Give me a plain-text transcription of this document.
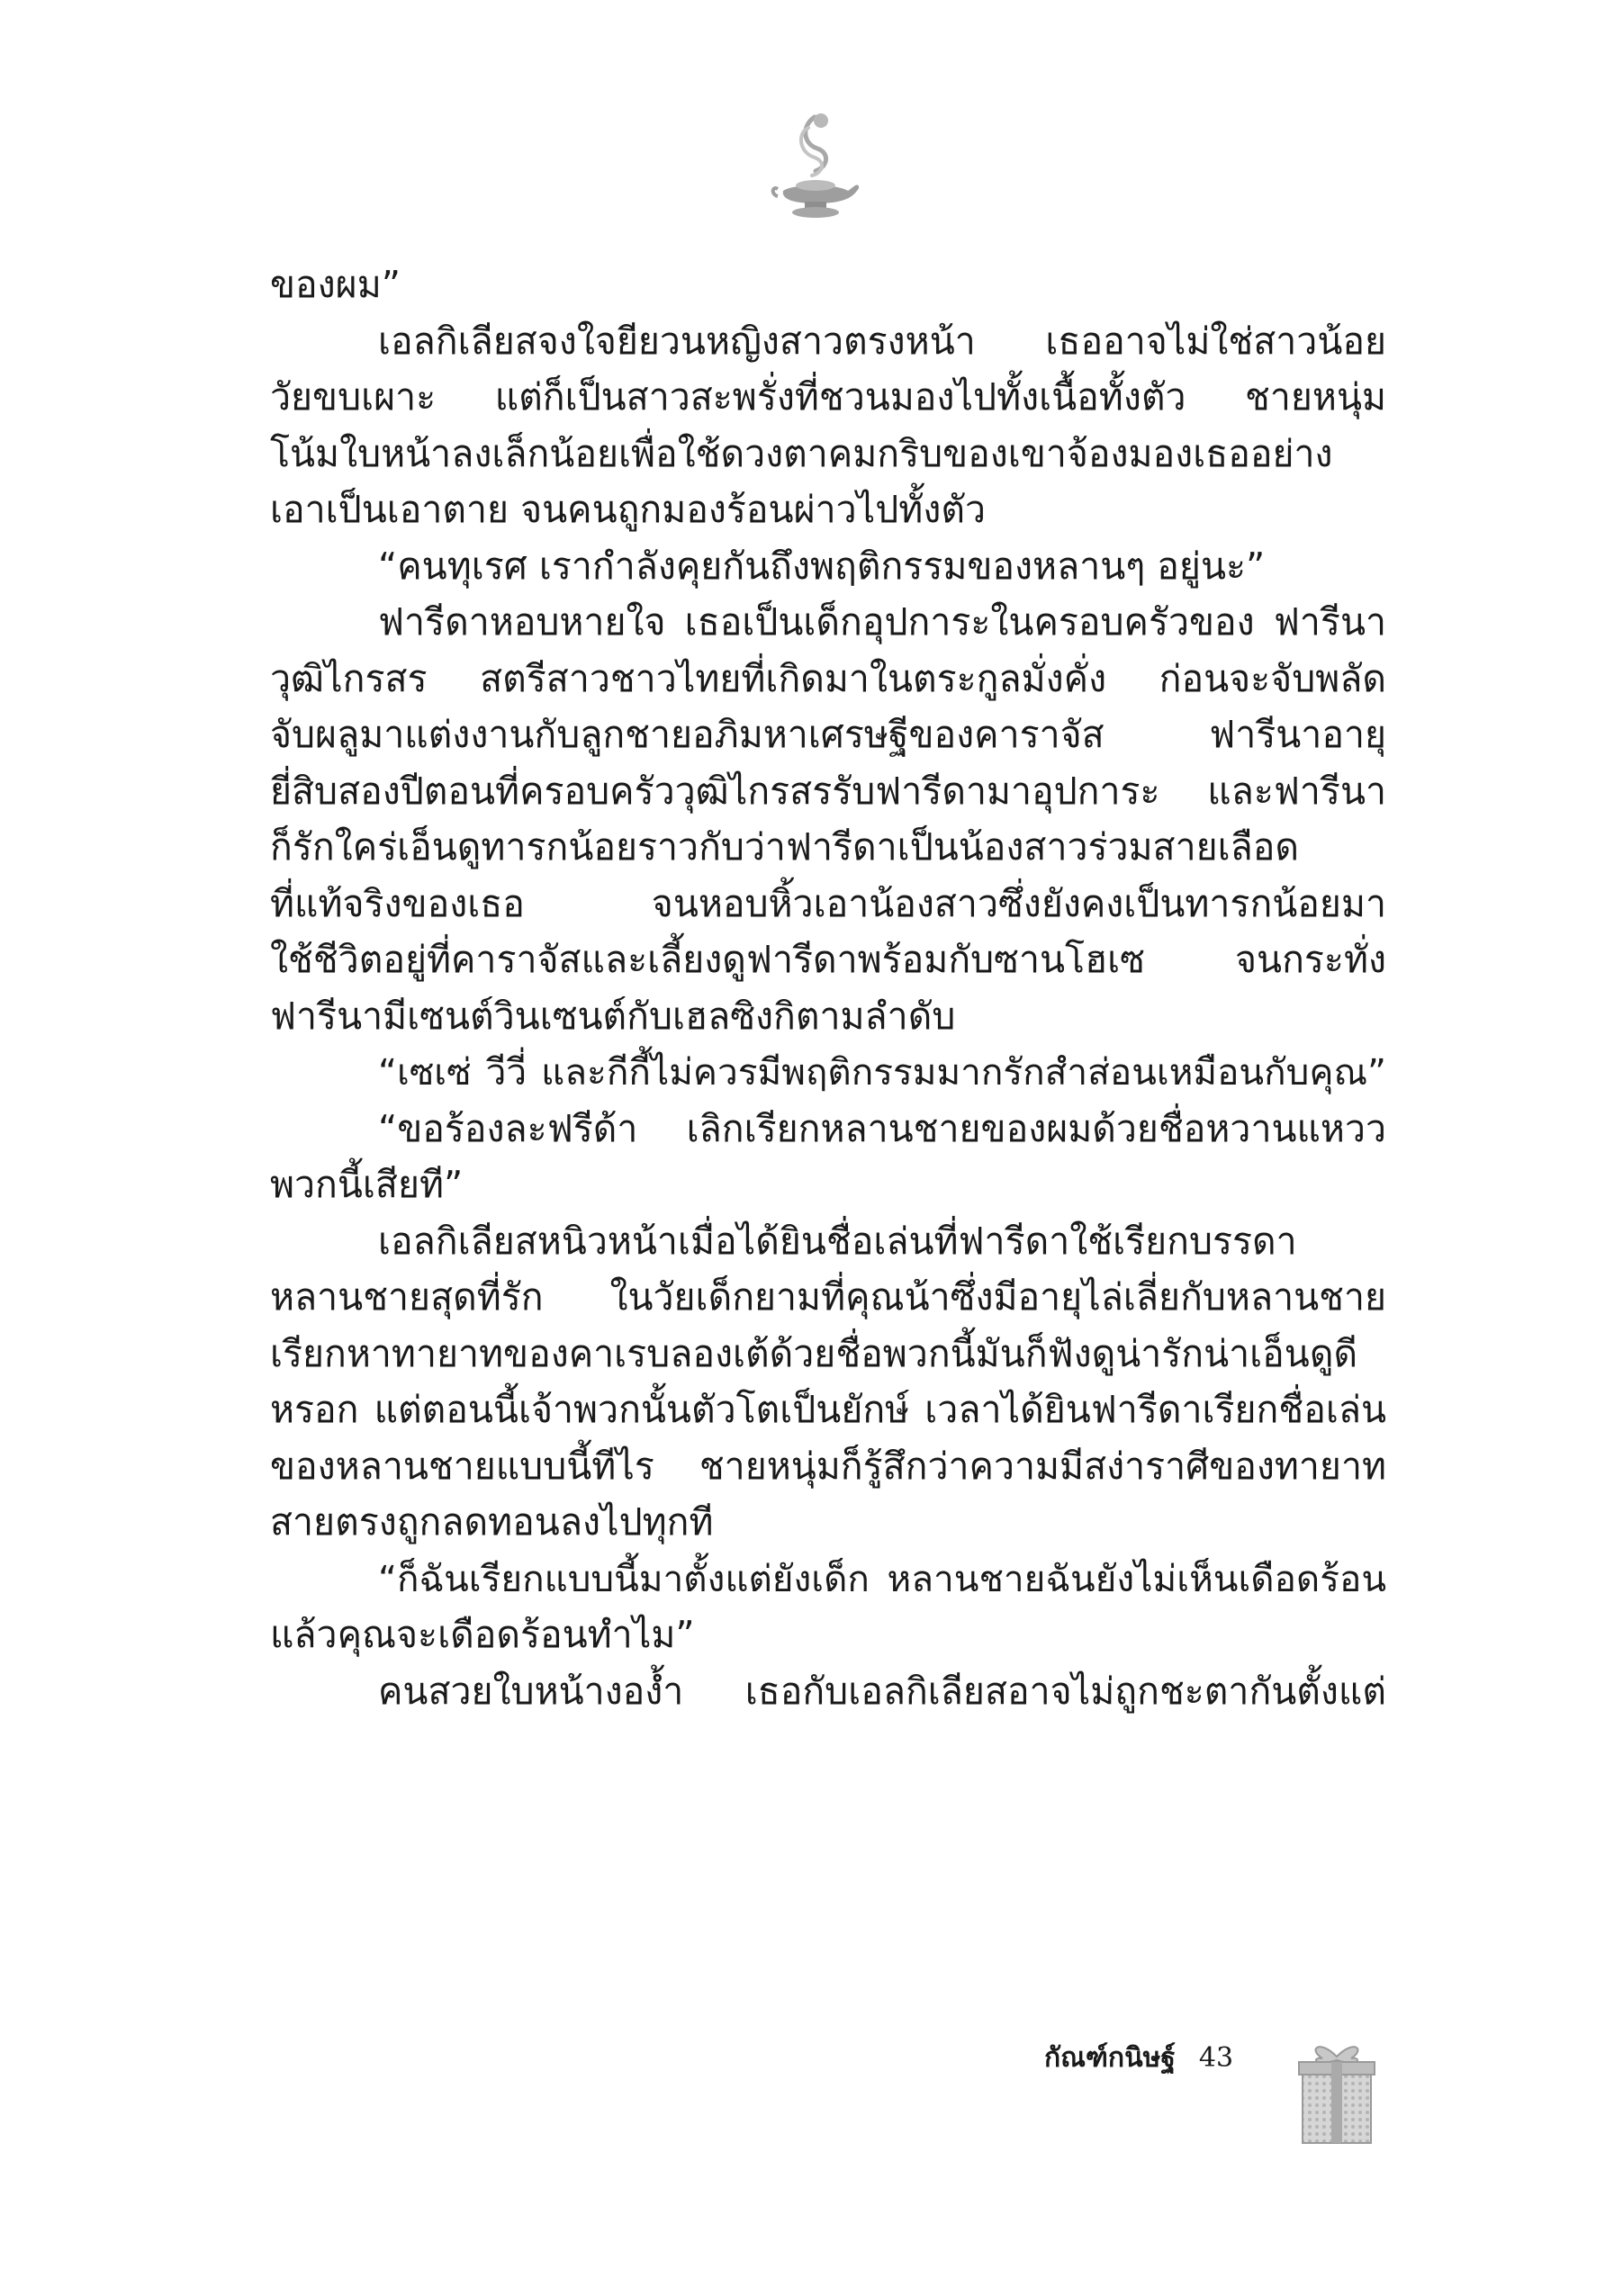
ของผม”
เอลกิเลียสจงใจยียวนหญิงสาวตรงหน้า เธออาจไม่ใช่สาวน้อย
วัยขบเผาะ แต่ก็เป็นสาวสะพรั่งที่ชวนมองไปทั้งเนื้อทั้งตัว ชายหนุ่ม
โน้มใบหน้าลงเล็กน้อยเพื่อใช้ดวงตาคมกริบของเขาจ้องมองเธออย่าง
เอาเป็นเอาตาย จนคนถูกมองร้อนผ่าวไปทั้งตัว
“คนทุเรศ เรากำลังคุยกันถึงพฤติกรรมของหลานๆ อยู่นะ”
ฟารีดาหอบหายใจ เธอเป็นเด็กอุปการะในครอบครัวของ ฟารีนา
วุฒิไกรสร สตรีสาวชาวไทยที่เกิดมาในตระกูลมั่งคั่ง ก่อนจะจับพลัด
จับผลูมาแต่งงานกับลูกชายอภิมหาเศรษฐีของคาราจัส ฟารีนาอายุ
ยี่สิบสองปีตอนที่ครอบครัววุฒิไกรสรรับฟารีดามาอุปการะ และฟารีนา
ก็รักใคร่เอ็นดูทารกน้อยราวกับว่าฟารีดาเป็นน้องสาวร่วมสายเลือด
ที่แท้จริงของเธอ จนหอบหิ้วเอาน้องสาวซึ่งยังคงเป็นทารกน้อยมา
ใช้ชีวิตอยู่ที่คาราจัสและเลี้ยงดูฟารีดาพร้อมกับซานโฮเซ จนกระทั่ง
ฟารีนามีเซนต์วินเซนต์กับเฮลซิงกิตามลำดับ
“เซเซ่ วีวี่ และกีกี้ไม่ควรมีพฤติกรรมมากรักสำส่อนเหมือนกับคุณ”
“ขอร้องละฟรีด้า เลิกเรียกหลานชายของผมด้วยชื่อหวานแหวว
พวกนี้เสียที”
เอลกิเลียสหนิวหน้าเมื่อได้ยินชื่อเล่นที่ฟารีดาใช้เรียกบรรดา
หลานชายสุดที่รัก ในวัยเด็กยามที่คุณน้าซึ่งมีอายุไล่เลี่ยกับหลานชาย
เรียกหาทายาทของคาเรบลองเต้ด้วยชื่อพวกนี้มันก็ฟังดูน่ารักน่าเอ็นดูดี
หรอก แต่ตอนนี้เจ้าพวกนั้นตัวโตเป็นยักษ์ เวลาได้ยินฟารีดาเรียกชื่อเล่น
ของหลานชายแบบนี้ทีไร ชายหนุ่มก็รู้สึกว่าความมีสง่าราศีของทายาท
สายตรงถูกลดทอนลงไปทุกที
“ก็ฉันเรียกแบบนี้มาตั้งแต่ยังเด็ก หลานชายฉันยังไม่เห็นเดือดร้อน
แล้วคุณจะเดือดร้อนทำไม”
คนสวยใบหน้างอง้ำ เธอกับเอลกิเลียสอาจไม่ถูกชะตากันตั้งแต่
กัณฑ์กนิษฐ์ 43
